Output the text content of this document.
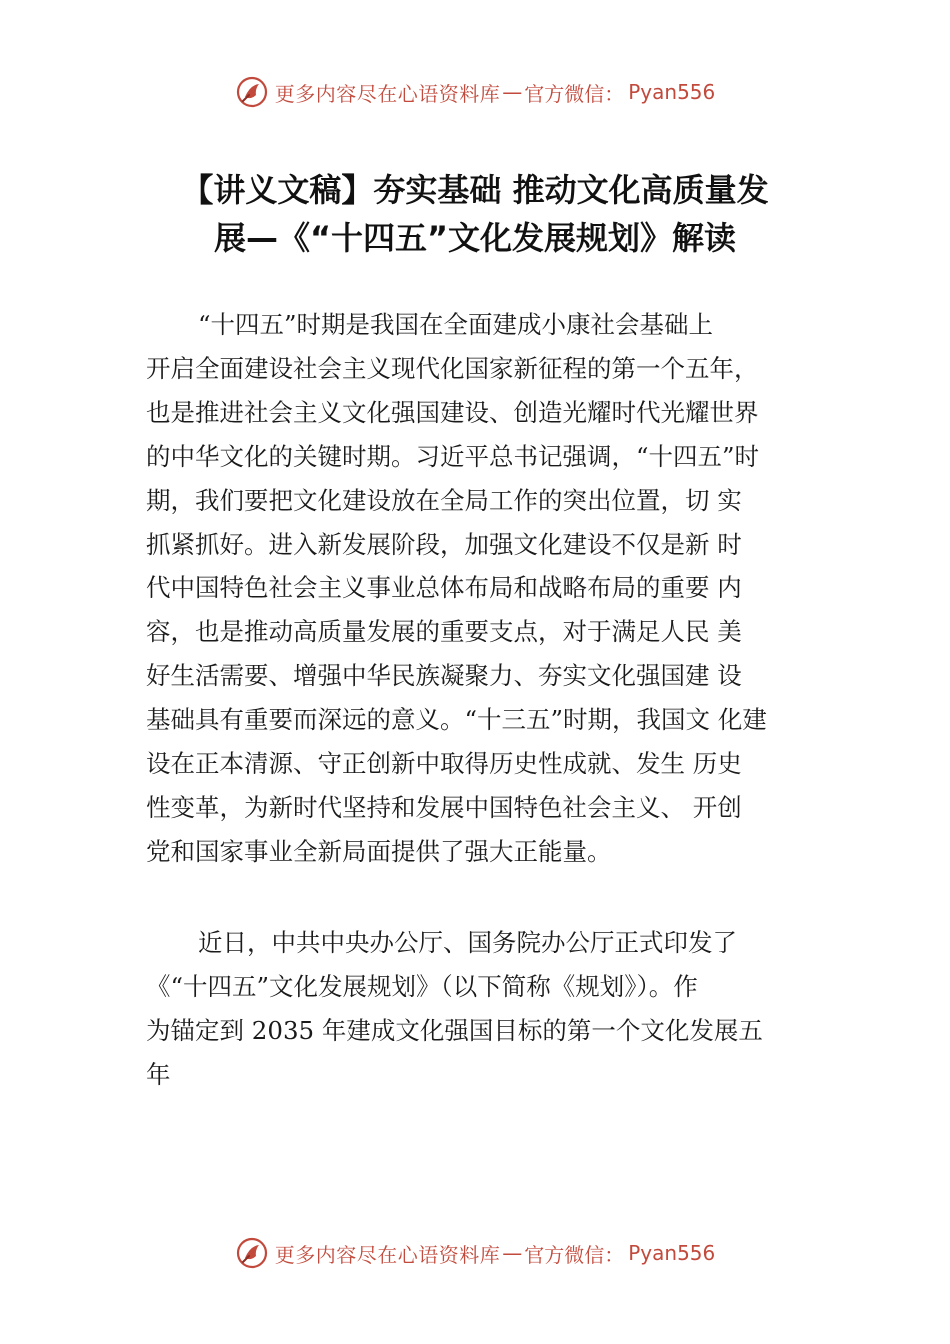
更多内容尽在心语资料库 — 官方微信： Pyan556
【讲义文稿】夯实基础 推动文化高质量发
展—《“十四五”文化发展规划》解读
“十四五”时期是我国在全面建成小康社会基础上
开启全面建设社会主义现代化国家新征程的第一个五年，
也是推进社会主义文化强国建设、创造光耀时代光耀世界
的中华文化的关键时期。习近平总书记强调，“十四五”时
期，我们要把文化建设放在全局工作的突出位置，切 实
抓紧抓好。进入新发展阶段，加强文化建设不仅是新 时
代中国特色社会主义事业总体布局和战略布局的重要 内
容，也是推动高质量发展的重要支点，对于满足人民 美
好生活需要、增强中华民族凝聚力、夯实文化强国建 设
基础具有重要而深远的意义。“十三五”时期，我国文 化建
设在正本清源、守正创新中取得历史性成就、发生 历史
性变革，为新时代坚持和发展中国特色社会主义、 开创
党和国家事业全新局面提供了强大正能量。
近日，中共中央办公厅、国务院办公厅正式印发了
《“十四五”文化发展规划》（以下简称《规划》）。作
为锚定到 2035 年建成文化强国目标的第一个文化发展五
年
更多内容尽在心语资料库 — 官方微信： Pyan556
